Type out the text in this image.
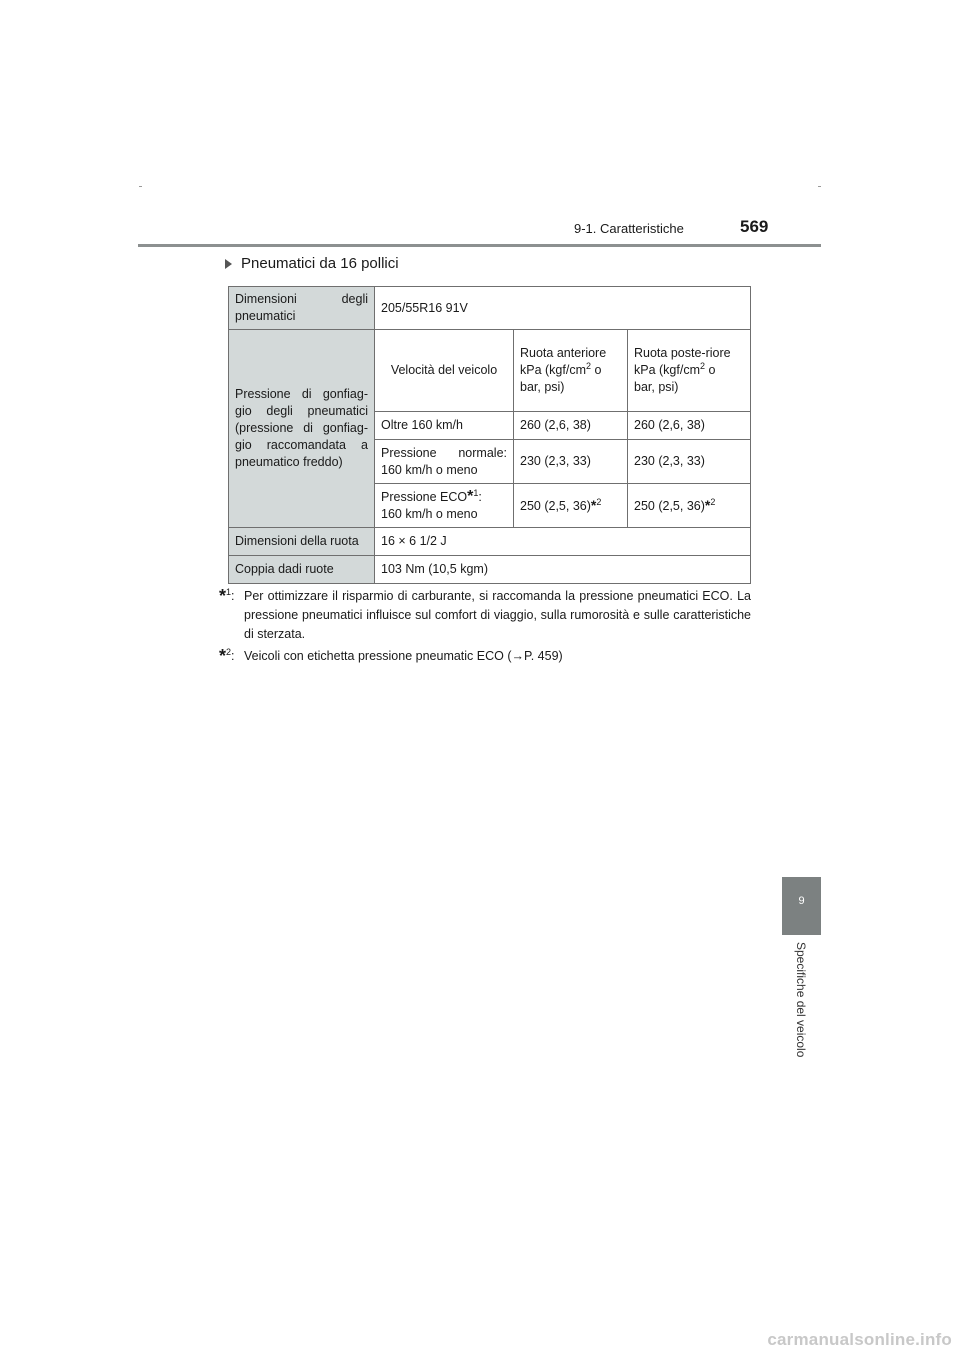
9-1. Caratteristiche	569
Pneumatici da 16 pollici
Dimensioni degli pneumatici	205/55R16 91V		
Pressione di gonfiag-gio degli pneumatici (pressione di gonfiag-gio raccomandata a pneumatico freddo)	Velocità del veicolo	Ruota anteriore
kPa ($kgf/cm^2$ o
bar, psi)	Ruota poste-riore
kPa ($kgf/cm^2$ o
bar, psi)
	Oltre 160 km/h	260 (2,6, 38)	260 (2,6, 38)
	Pressione normale: 160 km/h o meno	230 (2,3, 33)	230 (2,3, 33)
	Pressione ECO*$^1$:
160 km/h o meno	250 (2,5, 36)*$^2$	250 (2,5, 36)*$^2$
Dimensioni della ruota	16 × 6 1/2 J		
Coppia dadi ruote	103 Nm (10,5 kgm)		
*$^1$: Per ottimizzare il risparmio di carburante, si raccomanda la pressione pneumatici ECO. La pressione pneumatici influisce sul comfort di viaggio, sulla rumorosità e sulle caratteristiche di sterzata.
*$^2$: Veicoli con etichetta pressione pneumatic ECO (→P. 459)
9
Specifiche del veicolo
carmanualsonline.info
